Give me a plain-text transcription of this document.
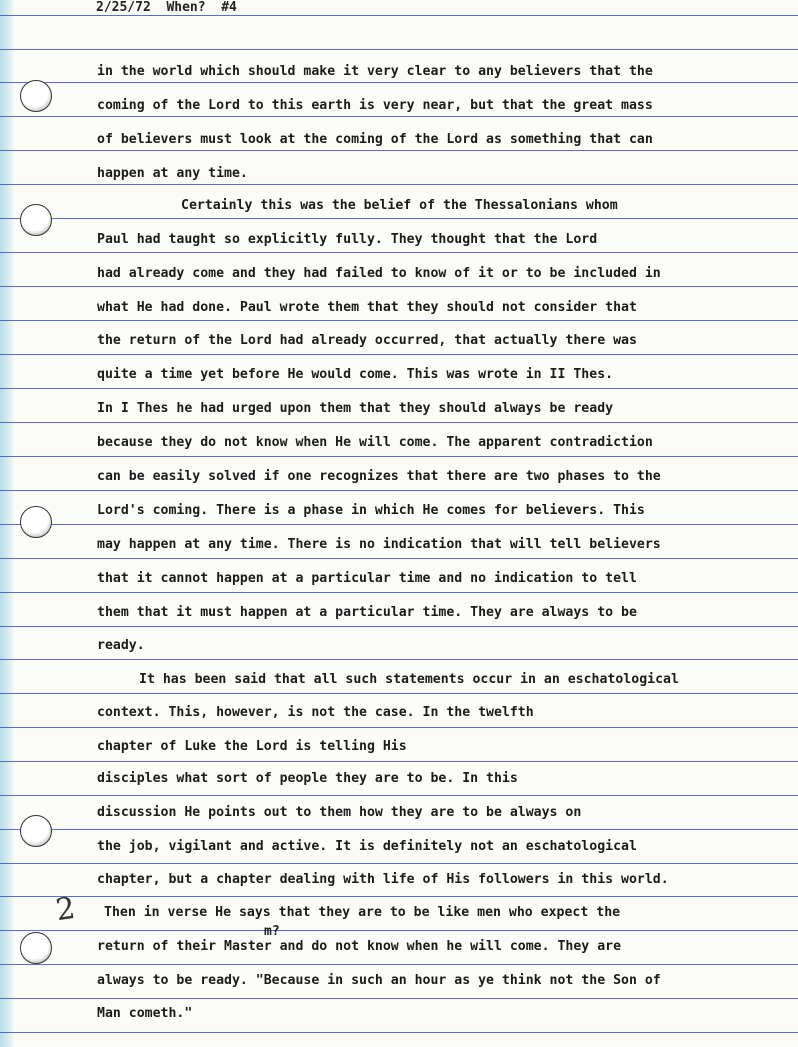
2/25/72  When?  #4
in the world which should make it very clear to any believers that the
coming of the Lord to this earth is very near, but that the great mass
of believers must look at the coming of the Lord as something that can
happen at any time.
Certainly this was the belief of the Thessalonians whom
Paul had taught so explicitly fully. They thought that the Lord
had already come and they had failed to know of it or to be included in
what He had done. Paul wrote them that they should not consider that
the return of the Lord had already occurred, that actually there was
quite a time yet before He would come. This was wrote in II Thes.
In I Thes he had urged upon them that they should always be ready
because they do not know when He will come. The apparent contradiction
can be easily solved if one recognizes that there are two phases to the
Lord's coming. There is a phase in which He comes for believers. This
may happen at any time. There is no indication that will tell believers
that it cannot happen at a particular time and no indication to tell
them that it must happen at a particular time. They are always to be
ready.
It has been said that all such statements occur in an eschatological
context. This, however, is not the case. In the twelfth
chapter of Luke the Lord is telling His
disciples what sort of people they are to be. In this
discussion He points out to them how they are to be always on
the job, vigilant and active. It is definitely not an eschatological
chapter, but a chapter dealing with life of His followers in this world.
Then in verse He says that they are to be like men who expect the
return of their Master and do not know when he will come. They are
always to be ready. "Because in such an hour as ye think not the Son of
Man cometh."
2
m?
